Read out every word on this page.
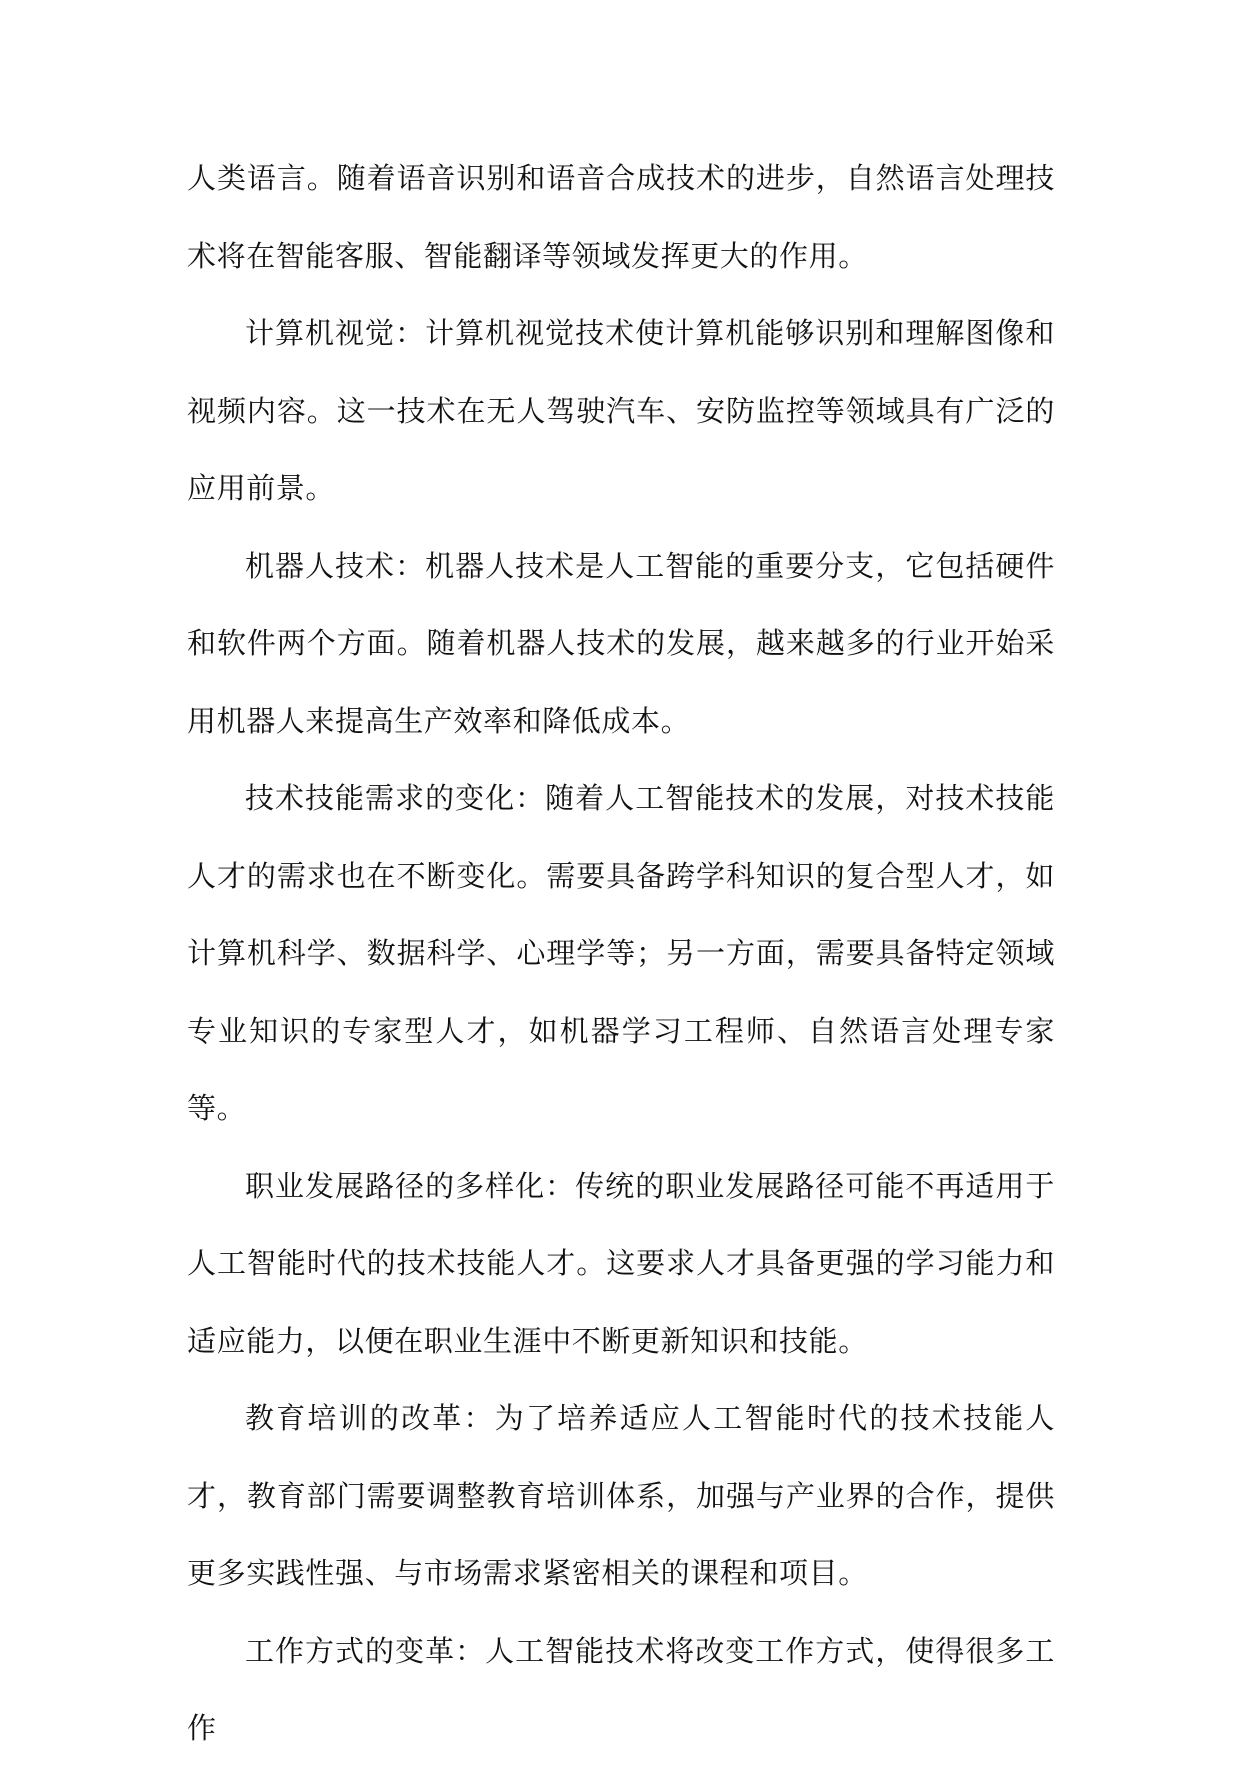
人类语言。随着语音识别和语音合成技术的进步，自然语言处理技术将在智能客服、智能翻译等领域发挥更大的作用。

计算机视觉：计算机视觉技术使计算机能够识别和理解图像和视频内容。这一技术在无人驾驶汽车、安防监控等领域具有广泛的应用前景。

机器人技术：机器人技术是人工智能的重要分支，它包括硬件和软件两个方面。随着机器人技术的发展，越来越多的行业开始采用机器人来提高生产效率和降低成本。

技术技能需求的变化：随着人工智能技术的发展，对技术技能人才的需求也在不断变化。需要具备跨学科知识的复合型人才，如计算机科学、数据科学、心理学等；另一方面，需要具备特定领域专业知识的专家型人才，如机器学习工程师、自然语言处理专家等。

职业发展路径的多样化：传统的职业发展路径可能不再适用于人工智能时代的技术技能人才。这要求人才具备更强的学习能力和适应能力，以便在职业生涯中不断更新知识和技能。

教育培训的改革：为了培养适应人工智能时代的技术技能人才，教育部门需要调整教育培训体系，加强与产业界的合作，提供更多实践性强、与市场需求紧密相关的课程和项目。

工作方式的变革：人工智能技术将改变工作方式，使得很多工作
